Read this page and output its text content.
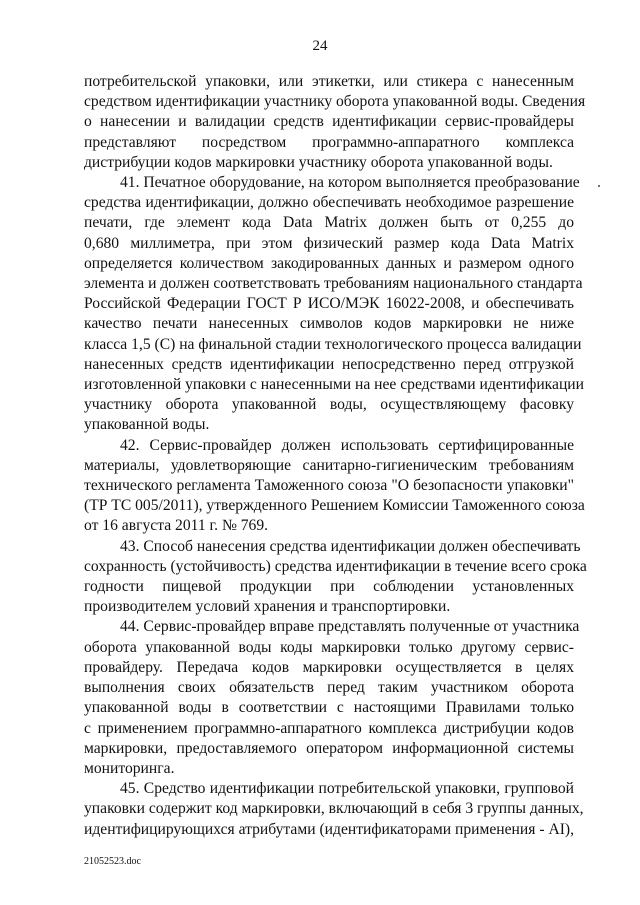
24

потребительской упаковки, или этикетки, или стикера с нанесенным
средством идентификации участнику оборота упакованной воды. Сведения
о нанесении и валидации средств идентификации сервис-провайдеры
представляют посредством программно-аппаратного комплекса
дистрибуции кодов маркировки участнику оборота упакованной воды.

41. Печатное оборудование, на котором выполняется преобразование
средства идентификации, должно обеспечивать необходимое разрешение
печати, где элемент кода Data Matrix должен быть от 0,255 до
0,680 миллиметра, при этом физический размер кода Data Matrix
определяется количеством закодированных данных и размером одного
элемента и должен соответствовать требованиям национального стандарта
Российской Федерации ГОСТ Р ИСО/МЭК 16022-2008, и обеспечивать
качество печати нанесенных символов кодов маркировки не ниже
класса 1,5 (С) на финальной стадии технологического процесса валидации
нанесенных средств идентификации непосредственно перед отгрузкой
изготовленной упаковки с нанесенными на нее средствами идентификации
участнику оборота упакованной воды, осуществляющему фасовку
упакованной воды.

42. Сервис-провайдер должен использовать сертифицированные
материалы, удовлетворяющие санитарно-гигиеническим требованиям
технического регламента Таможенного союза "О безопасности упаковки"
(ТР ТС 005/2011), утвержденного Решением Комиссии Таможенного союза
от 16 августа 2011 г. № 769.

43. Способ нанесения средства идентификации должен обеспечивать
сохранность (устойчивость) средства идентификации в течение всего срока
годности пищевой продукции при соблюдении установленных
производителем условий хранения и транспортировки.

44. Сервис-провайдер вправе представлять полученные от участника
оборота упакованной воды коды маркировки только другому сервис-
провайдеру. Передача кодов маркировки осуществляется в целях
выполнения своих обязательств перед таким участником оборота
упакованной воды в соответствии с настоящими Правилами только
с применением программно-аппаратного комплекса дистрибуции кодов
маркировки, предоставляемого оператором информационной системы
мониторинга.

45. Средство идентификации потребительской упаковки, групповой
упаковки содержит код маркировки, включающий в себя 3 группы данных,
идентифицирующихся атрибутами (идентификаторами применения - AI),

21052523.doc
